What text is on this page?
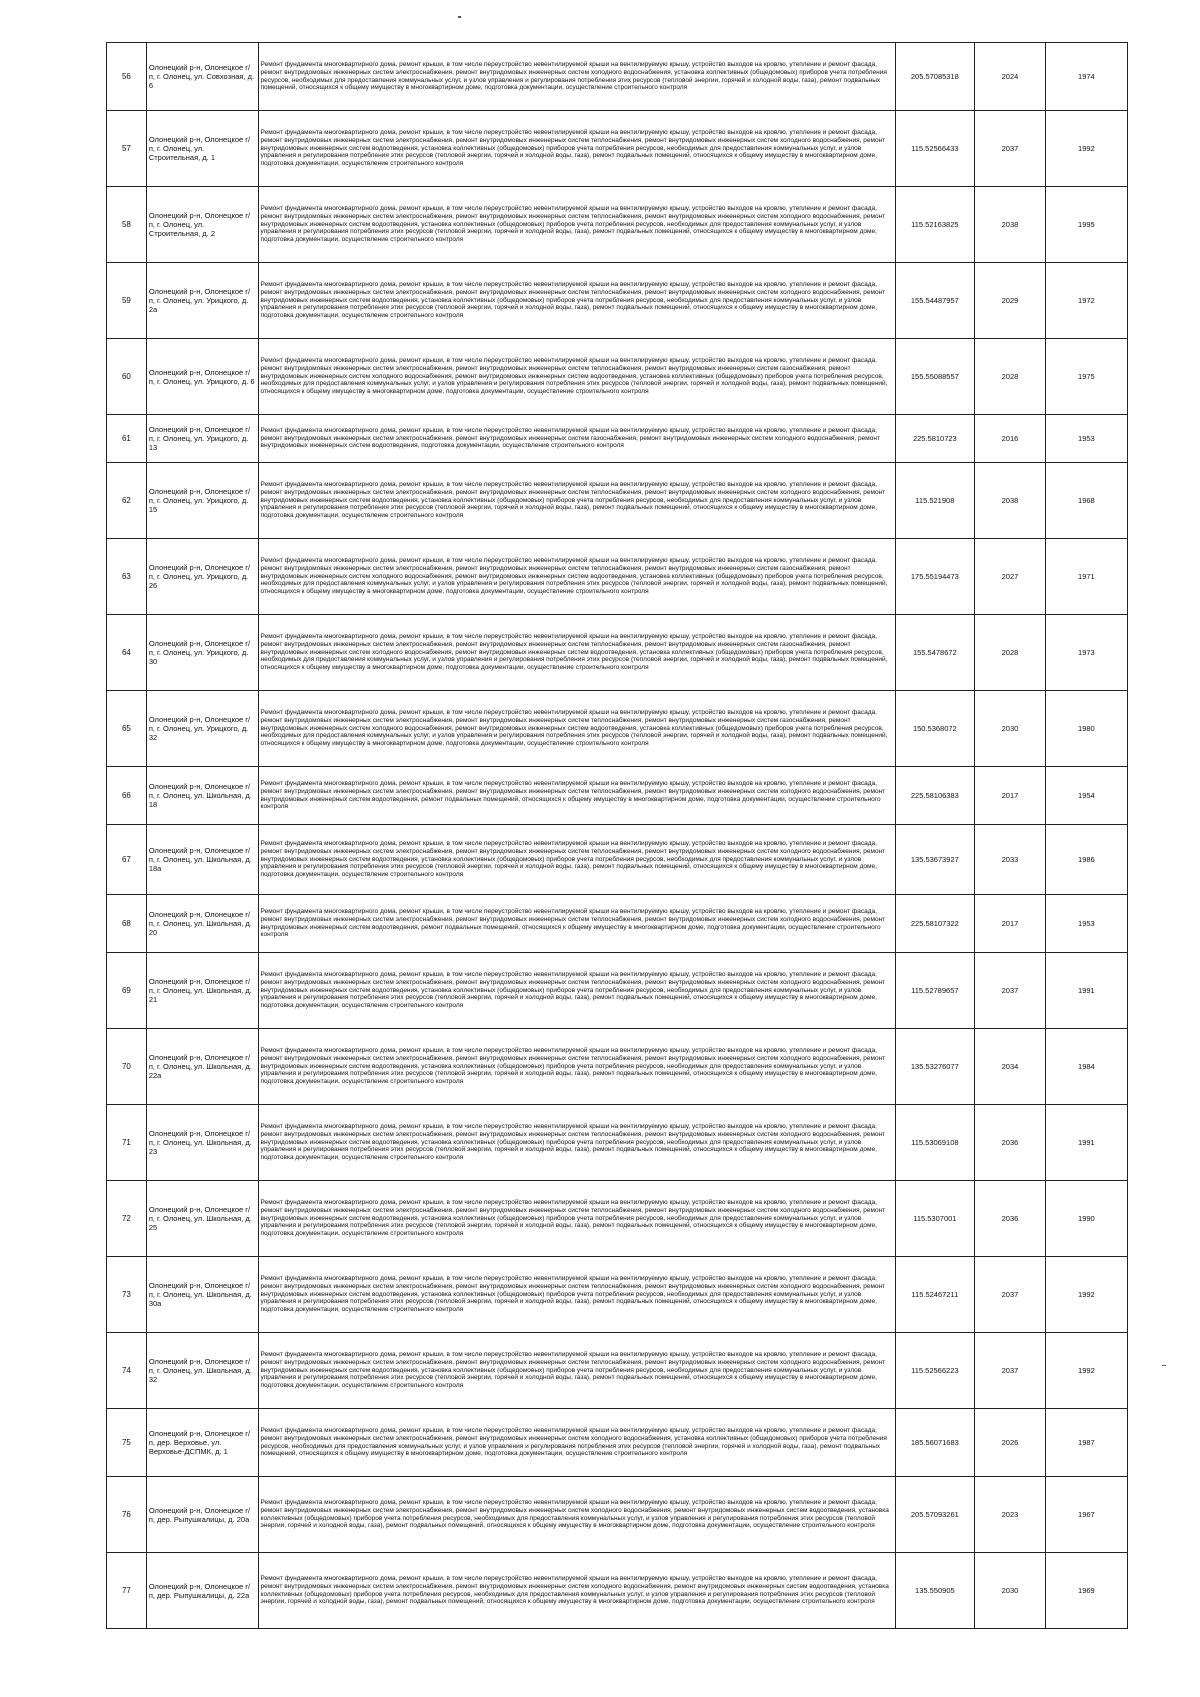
56	Олонецкий р-н, Олонецкое г/п, г. Олонец, ул. Совхозная, д. 6	Ремонт фундамента многоквартирного дома, ремонт крыши, в том числе переустройство невентилируемой крыши на вентилируемую крышу, устройство выходов на кровлю, утепление и ремонт фасада, ремонт внутридомовых инженерных систем электроснабжения, ремонт внутридомовых инженерных систем холодного водоснабжения, установка коллективных (общедомовых) приборов учета потребления ресурсов, необходимых для предоставления коммунальных услуг, и узлов управления и регулирования потребления этих ресурсов (тепловой энергии, горячей и холодной воды, газа), ремонт подвальных помещений, относящихся к общему имуществу в многоквартирном доме, подготовка документации, осуществление строительного контроля	205.57085318	2024	1974
57	Олонецкий р-н, Олонецкое г/п, г. Олонец, ул. Строительная, д. 1	Ремонт фундамента многоквартирного дома, ремонт крыши, в том числе переустройство невентилируемой крыши на вентилируемую крышу, устройство выходов на кровлю, утепление и ремонт фасада, ремонт внутридомовых инженерных систем электроснабжения, ремонт внутридомовых инженерных систем теплоснабжения, ремонт внутридомовых инженерных систем холодного водоснабжения, ремонт внутридомовых инженерных систем водоотведения, установка коллективных (общедомовых) приборов учета потребления ресурсов, необходимых для предоставления коммунальных услуг, и узлов управления и регулирования потребления этих ресурсов (тепловой энергии, горячей и холодной воды, газа), ремонт подвальных помещений, относящихся к общему имуществу в многоквартирном доме, подготовка документации, осуществление строительного контроля	115.52566433	2037	1992
58	Олонецкий р-н, Олонецкое г/п, г. Олонец, ул. Строительная, д. 2	Ремонт фундамента многоквартирного дома, ремонт крыши, в том числе переустройство невентилируемой крыши на вентилируемую крышу, устройство выходов на кровлю, утепление и ремонт фасада, ремонт внутридомовых инженерных систем электроснабжения, ремонт внутридомовых инженерных систем теплоснабжения, ремонт внутридомовых инженерных систем холодного водоснабжения, ремонт внутридомовых инженерных систем водоотведения, установка коллективных (общедомовых) приборов учета потребления ресурсов, необходимых для предоставления коммунальных услуг, и узлов управления и регулирования потребления этих ресурсов (тепловой энергии, горячей и холодной воды, газа), ремонт подвальных помещений, относящихся к общему имуществу в многоквартирном доме, подготовка документации, осуществление строительного контроля	115.52163825	2038	1995
59	Олонецкий р-н, Олонецкое г/п, г. Олонец, ул. Урицкого, д. 2а	Ремонт фундамента многоквартирного дома, ремонт крыши, в том числе переустройство невентилируемой крыши на вентилируемую крышу, устройство выходов на кровлю, утепление и ремонт фасада, ремонт внутридомовых инженерных систем электроснабжения, ремонт внутридомовых инженерных систем теплоснабжения, ремонт внутридомовых инженерных систем холодного водоснабжения, ремонт внутридомовых инженерных систем водоотведения, установка коллективных (общедомовых) приборов учета потребления ресурсов, необходимых для предоставления коммунальных услуг, и узлов управления и регулирования потребления этих ресурсов (тепловой энергии, горячей и холодной воды, газа), ремонт подвальных помещений, относящихся к общему имуществу в многоквартирном доме, подготовка документации, осуществление строительного контроля	155.54487957	2029	1972
60	Олонецкий р-н, Олонецкое г/п, г. Олонец, ул. Урицкого, д. 6	Ремонт фундамента многоквартирного дома, ремонт крыши, в том числе переустройство невентилируемой крыши на вентилируемую крышу, устройство выходов на кровлю, утепление и ремонт фасада, ремонт внутридомовых инженерных систем электроснабжения, ремонт внутридомовых инженерных систем теплоснабжения, ремонт внутридомовых инженерных систем газоснабжения, ремонт внутридомовых инженерных систем холодного водоснабжения, ремонт внутридомовых инженерных систем водоотведения, установка коллективных (общедомовых) приборов учета потребления ресурсов, необходимых для предоставления коммунальных услуг, и узлов управления и регулирования потребления этих ресурсов (тепловой энергии, горячей и холодной воды, газа), ремонт подвальных помещений, относящихся к общему имуществу в многоквартирном доме, подготовка документации, осуществление строительного контроля	155.55088557	2028	1975
61	Олонецкий р-н, Олонецкое г/п, г. Олонец, ул. Урицкого, д. 13	Ремонт фундамента многоквартирного дома, ремонт крыши, в том числе переустройство невентилируемой крыши на вентилируемую крышу, устройство выходов на кровлю, утепление и ремонт фасада, ремонт внутридомовых инженерных систем электроснабжения, ремонт внутридомовых инженерных систем газоснабжения, ремонт внутридомовых инженерных систем холодного водоснабжения, ремонт внутридомовых инженерных систем водоотведения, подготовка документации, осуществление строительного контроля	225.5810723	2016	1953
62	Олонецкий р-н, Олонецкое г/п, г. Олонец, ул. Урицкого, д. 15	Ремонт фундамента многоквартирного дома, ремонт крыши, в том числе переустройство невентилируемой крыши на вентилируемую крышу, устройство выходов на кровлю, утепление и ремонт фасада, ремонт внутридомовых инженерных систем электроснабжения, ремонт внутридомовых инженерных систем теплоснабжения, ремонт внутридомовых инженерных систем холодного водоснабжения, ремонт внутридомовых инженерных систем водоотведения, установка коллективных (общедомовых) приборов учета потребления ресурсов, необходимых для предоставления коммунальных услуг, и узлов управления и регулирования потребления этих ресурсов (тепловой энергии, горячей и холодной воды, газа), ремонт подвальных помещений, относящихся к общему имуществу в многоквартирном доме, подготовка документации, осуществление строительного контроля	115.521908	2038	1968
63	Олонецкий р-н, Олонецкое г/п, г. Олонец, ул. Урицкого, д. 26	Ремонт фундамента многоквартирного дома, ремонт крыши, в том числе переустройство невентилируемой крыши на вентилируемую крышу, устройство выходов на кровлю, утепление и ремонт фасада, ремонт внутридомовых инженерных систем электроснабжения, ремонт внутридомовых инженерных систем теплоснабжения, ремонт внутридомовых инженерных систем газоснабжения, ремонт внутридомовых инженерных систем холодного водоснабжения, ремонт внутридомовых инженерных систем водоотведения, установка коллективных (общедомовых) приборов учета потребления ресурсов, необходимых для предоставления коммунальных услуг, и узлов управления и регулирования потребления этих ресурсов (тепловой энергии, горячей и холодной воды, газа), ремонт подвальных помещений, относящихся к общему имуществу в многоквартирном доме, подготовка документации, осуществление строительного контроля	175.55194473	2027	1971
64	Олонецкий р-н, Олонецкое г/п, г. Олонец, ул. Урицкого, д. 30	Ремонт фундамента многоквартирного дома, ремонт крыши, в том числе переустройство невентилируемой крыши на вентилируемую крышу, устройство выходов на кровлю, утепление и ремонт фасада, ремонт внутридомовых инженерных систем электроснабжения, ремонт внутридомовых инженерных систем теплоснабжения, ремонт внутридомовых инженерных систем газоснабжения, ремонт внутридомовых инженерных систем холодного водоснабжения, ремонт внутридомовых инженерных систем водоотведения, установка коллективных (общедомовых) приборов учета потребления ресурсов, необходимых для предоставления коммунальных услуг, и узлов управления и регулирования потребления этих ресурсов (тепловой энергии, горячей и холодной воды, газа), ремонт подвальных помещений, относящихся к общему имуществу в многоквартирном доме, подготовка документации, осуществление строительного контроля	155.5478672	2028	1973
65	Олонецкий р-н, Олонецкое г/п, г. Олонец, ул. Урицкого, д. 32	Ремонт фундамента многоквартирного дома, ремонт крыши, в том числе переустройство невентилируемой крыши на вентилируемую крышу, устройство выходов на кровлю, утепление и ремонт фасада, ремонт внутридомовых инженерных систем электроснабжения, ремонт внутридомовых инженерных систем теплоснабжения, ремонт внутридомовых инженерных систем газоснабжения, ремонт внутридомовых инженерных систем холодного водоснабжения, ремонт внутридомовых инженерных систем водоотведения, установка коллективных (общедомовых) приборов учета потребления ресурсов, необходимых для предоставления коммунальных услуг, и узлов управления и регулирования потребления этих ресурсов (тепловой энергии, горячей и холодной воды, газа), ремонт подвальных помещений, относящихся к общему имуществу в многоквартирном доме, подготовка документации, осуществление строительного контроля	150.5368072	2030	1980
66	Олонецкий р-н, Олонецкое г/п, г. Олонец, ул. Школьная, д. 18	Ремонт фундамента многоквартирного дома, ремонт крыши, в том числе переустройство невентилируемой крыши на вентилируемую крышу, устройство выходов на кровлю, утепление и ремонт фасада, ремонт внутридомовых инженерных систем электроснабжения, ремонт внутридомовых инженерных систем теплоснабжения, ремонт внутридомовых инженерных систем холодного водоснабжения, ремонт внутридомовых инженерных систем водоотведения, ремонт подвальных помещений, относящихся к общему имуществу в многоквартирном доме, подготовка документации, осуществление строительного контроля	225.58106383	2017	1954
67	Олонецкий р-н, Олонецкое г/п, г. Олонец, ул. Школьная, д. 18а	Ремонт фундамента многоквартирного дома, ремонт крыши, в том числе переустройство невентилируемой крыши на вентилируемую крышу, устройство выходов на кровлю, утепление и ремонт фасада, ремонт внутридомовых инженерных систем электроснабжения, ремонт внутридомовых инженерных систем теплоснабжения, ремонт внутридомовых инженерных систем холодного водоснабжения, ремонт внутридомовых инженерных систем водоотведения, установка коллективных (общедомовых) приборов учета потребления ресурсов, необходимых для предоставления коммунальных услуг, и узлов управления и регулирования потребления этих ресурсов (тепловой энергии, горячей и холодной воды, газа), ремонт подвальных помещений, относящихся к общему имуществу в многоквартирном доме, подготовка документации, осуществление строительного контроля	135.53673927	2033	1986
68	Олонецкий р-н, Олонецкое г/п, г. Олонец, ул. Школьная, д. 20	Ремонт фундамента многоквартирного дома, ремонт крыши, в том числе переустройство невентилируемой крыши на вентилируемую крышу, устройство выходов на кровлю, утепление и ремонт фасада, ремонт внутридомовых инженерных систем электроснабжения, ремонт внутридомовых инженерных систем теплоснабжения, ремонт внутридомовых инженерных систем холодного водоснабжения, ремонт внутридомовых инженерных систем водоотведения, ремонт подвальных помещений, относящихся к общему имуществу в многоквартирном доме, подготовка документации, осуществление строительного контроля	225.58107322	2017	1953
69	Олонецкий р-н, Олонецкое г/п, г. Олонец, ул. Школьная, д. 21	Ремонт фундамента многоквартирного дома, ремонт крыши, в том числе переустройство невентилируемой крыши на вентилируемую крышу, устройство выходов на кровлю, утепление и ремонт фасада, ремонт внутридомовых инженерных систем электроснабжения, ремонт внутридомовых инженерных систем теплоснабжения, ремонт внутридомовых инженерных систем холодного водоснабжения, ремонт внутридомовых инженерных систем водоотведения, установка коллективных (общедомовых) приборов учета потребления ресурсов, необходимых для предоставления коммунальных услуг, и узлов управления и регулирования потребления этих ресурсов (тепловой энергии, горячей и холодной воды, газа), ремонт подвальных помещений, относящихся к общему имуществу в многоквартирном доме, подготовка документации, осуществление строительного контроля	115.52789657	2037	1991
70	Олонецкий р-н, Олонецкое г/п, г. Олонец, ул. Школьная, д. 22а	Ремонт фундамента многоквартирного дома, ремонт крыши, в том числе переустройство невентилируемой крыши на вентилируемую крышу, устройство выходов на кровлю, утепление и ремонт фасада, ремонт внутридомовых инженерных систем электроснабжения, ремонт внутридомовых инженерных систем теплоснабжения, ремонт внутридомовых инженерных систем холодного водоснабжения, ремонт внутридомовых инженерных систем водоотведения, установка коллективных (общедомовых) приборов учета потребления ресурсов, необходимых для предоставления коммунальных услуг, и узлов управления и регулирования потребления этих ресурсов (тепловой энергии, горячей и холодной воды, газа), ремонт подвальных помещений, относящихся к общему имуществу в многоквартирном доме, подготовка документации, осуществление строительного контроля	135.53276077	2034	1984
71	Олонецкий р-н, Олонецкое г/п, г. Олонец, ул. Школьная, д. 23	Ремонт фундамента многоквартирного дома, ремонт крыши, в том числе переустройство невентилируемой крыши на вентилируемую крышу, устройство выходов на кровлю, утепление и ремонт фасада, ремонт внутридомовых инженерных систем электроснабжения, ремонт внутридомовых инженерных систем теплоснабжения, ремонт внутридомовых инженерных систем холодного водоснабжения, ремонт внутридомовых инженерных систем водоотведения, установка коллективных (общедомовых) приборов учета потребления ресурсов, необходимых для предоставления коммунальных услуг, и узлов управления и регулирования потребления этих ресурсов (тепловой энергии, горячей и холодной воды, газа), ремонт подвальных помещений, относящихся к общему имуществу в многоквартирном доме, подготовка документации, осуществление строительного контроля	115.53069108	2036	1991
72	Олонецкий р-н, Олонецкое г/п, г. Олонец, ул. Школьная, д. 25	Ремонт фундамента многоквартирного дома, ремонт крыши, в том числе переустройство невентилируемой крыши на вентилируемую крышу, устройство выходов на кровлю, утепление и ремонт фасада, ремонт внутридомовых инженерных систем электроснабжения, ремонт внутридомовых инженерных систем теплоснабжения, ремонт внутридомовых инженерных систем холодного водоснабжения, ремонт внутридомовых инженерных систем водоотведения, установка коллективных (общедомовых) приборов учета потребления ресурсов, необходимых для предоставления коммунальных услуг, и узлов управления и регулирования потребления этих ресурсов (тепловой энергии, горячей и холодной воды, газа), ремонт подвальных помещений, относящихся к общему имуществу в многоквартирном доме, подготовка документации, осуществление строительного контроля	115.5307001	2036	1990
73	Олонецкий р-н, Олонецкое г/п, г. Олонец, ул. Школьная, д. 30а	Ремонт фундамента многоквартирного дома, ремонт крыши, в том числе переустройство невентилируемой крыши на вентилируемую крышу, устройство выходов на кровлю, утепление и ремонт фасада, ремонт внутридомовых инженерных систем электроснабжения, ремонт внутридомовых инженерных систем теплоснабжения, ремонт внутридомовых инженерных систем холодного водоснабжения, ремонт внутридомовых инженерных систем водоотведения, установка коллективных (общедомовых) приборов учета потребления ресурсов, необходимых для предоставления коммунальных услуг, и узлов управления и регулирования потребления этих ресурсов (тепловой энергии, горячей и холодной воды, газа), ремонт подвальных помещений, относящихся к общему имуществу в многоквартирном доме, подготовка документации, осуществление строительного контроля	115.52467211	2037	1992
74	Олонецкий р-н, Олонецкое г/п, г. Олонец, ул. Школьная, д. 32	Ремонт фундамента многоквартирного дома, ремонт крыши, в том числе переустройство невентилируемой крыши на вентилируемую крышу, устройство выходов на кровлю, утепление и ремонт фасада, ремонт внутридомовых инженерных систем электроснабжения, ремонт внутридомовых инженерных систем теплоснабжения, ремонт внутридомовых инженерных систем холодного водоснабжения, ремонт внутридомовых инженерных систем водоотведения, установка коллективных (общедомовых) приборов учета потребления ресурсов, необходимых для предоставления коммунальных услуг, и узлов управления и регулирования потребления этих ресурсов (тепловой энергии, горячей и холодной воды, газа), ремонт подвальных помещений, относящихся к общему имуществу в многоквартирном доме, подготовка документации, осуществление строительного контроля	115.52566223	2037	1992
75	Олонецкий р-н, Олонецкое г/п, дер. Верховье, ул. Верховье-ДСПМК, д. 1	Ремонт фундамента многоквартирного дома, ремонт крыши, в том числе переустройство невентилируемой крыши на вентилируемую крышу, устройство выходов на кровлю, утепление и ремонт фасада, ремонт внутридомовых инженерных систем электроснабжения, ремонт внутридомовых инженерных систем холодного водоснабжения, установка коллективных (общедомовых) приборов учета потребления ресурсов, необходимых для предоставления коммунальных услуг, и узлов управления и регулирования потребления этих ресурсов (тепловой энергии, горячей и холодной воды, газа), ремонт подвальных помещений, относящихся к общему имуществу в многоквартирном доме, подготовка документации, осуществление строительного контроля	185.56071683	2026	1987
76	Олонецкий р-н, Олонецкое г/п, дер. Рыпушкалицы, д. 20а	Ремонт фундамента многоквартирного дома, ремонт крыши, в том числе переустройство невентилируемой крыши на вентилируемую крышу, устройство выходов на кровлю, утепление и ремонт фасада, ремонт внутридомовых инженерных систем электроснабжения, ремонт внутридомовых инженерных систем холодного водоснабжения, ремонт внутридомовых инженерных систем водоотведения, установка коллективных (общедомовых) приборов учета потребления ресурсов, необходимых для предоставления коммунальных услуг, и узлов управления и регулирования потребления этих ресурсов (тепловой энергии, горячей и холодной воды, газа), ремонт подвальных помещений, относящихся к общему имуществу в многоквартирном доме, подготовка документации, осуществление строительного контроля	205.57093261	2023	1967
77	Олонецкий р-н, Олонецкое г/п, дер. Рыпушкалицы, д. 22а	Ремонт фундамента многоквартирного дома, ремонт крыши, в том числе переустройство невентилируемой крыши на вентилируемую крышу, устройство выходов на кровлю, утепление и ремонт фасада, ремонт внутридомовых инженерных систем электроснабжения, ремонт внутридомовых инженерных систем холодного водоснабжения, ремонт внутридомовых инженерных систем водоотведения, установка коллективных (общедомовых) приборов учета потребления ресурсов, необходимых для предоставления коммунальных услуг, и узлов управления и регулирования потребления этих ресурсов (тепловой энергии, горячей и холодной воды, газа), ремонт подвальных помещений, относящихся к общему имуществу в многоквартирном доме, подготовка документации, осуществление строительного контроля	135.550905	2030	1969
